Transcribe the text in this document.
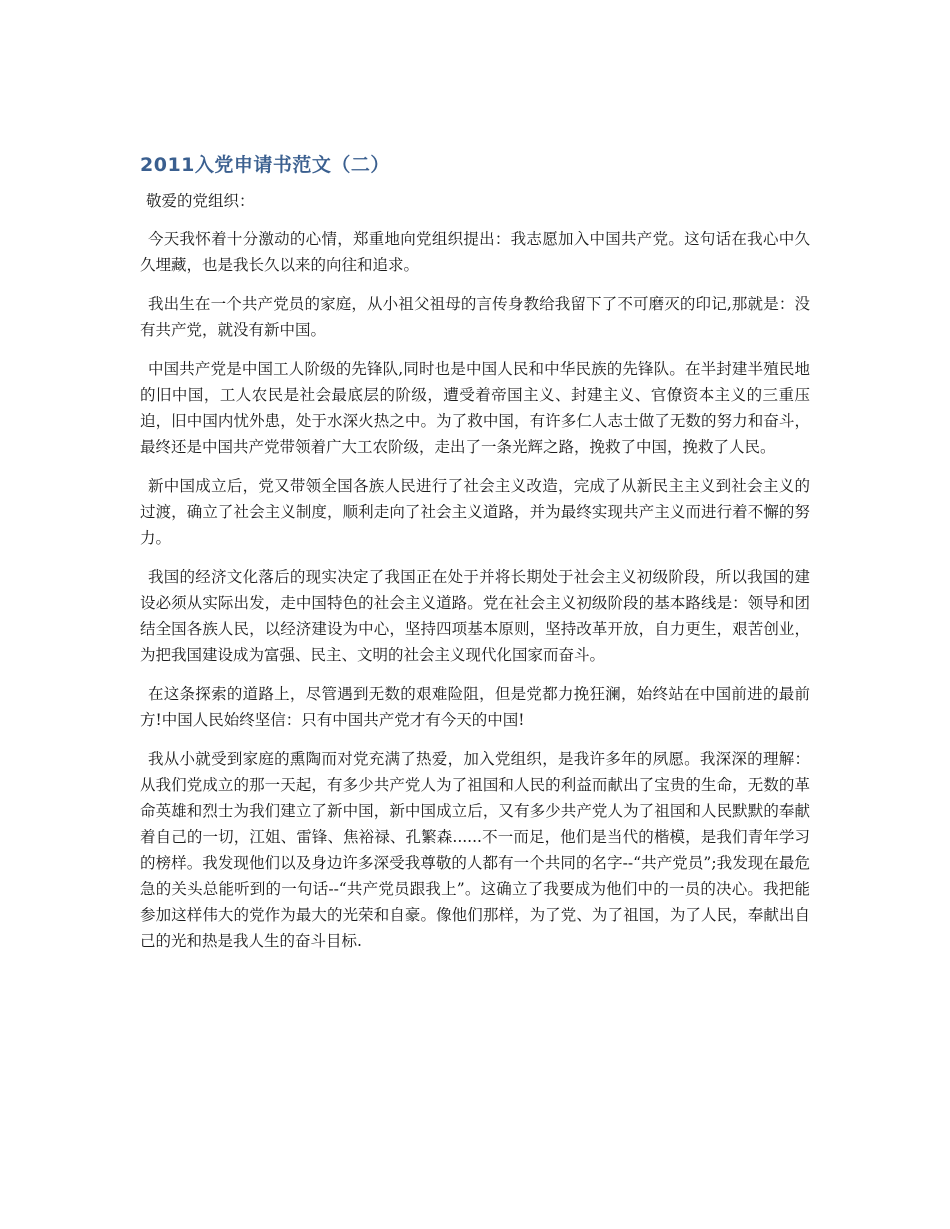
2011入党申请书范文（二）

敬爱的党组织：

今天我怀着十分激动的心情，郑重地向党组织提出：我志愿加入中国共产党。这句话在我心中久久埋藏，也是我长久以来的向往和追求。

我出生在一个共产党员的家庭，从小祖父祖母的言传身教给我留下了不可磨灭的印记,那就是：没有共产党，就没有新中国。

中国共产党是中国工人阶级的先锋队,同时也是中国人民和中华民族的先锋队。在半封建半殖民地的旧中国，工人农民是社会最底层的阶级，遭受着帝国主义、封建主义、官僚资本主义的三重压迫，旧中国内忧外患，处于水深火热之中。为了救中国，有许多仁人志士做了无数的努力和奋斗，最终还是中国共产党带领着广大工农阶级，走出了一条光辉之路，挽救了中国，挽救了人民。

新中国成立后，党又带领全国各族人民进行了社会主义改造，完成了从新民主主义到社会主义的过渡，确立了社会主义制度，顺利走向了社会主义道路，并为最终实现共产主义而进行着不懈的努力。

我国的经济文化落后的现实决定了我国正在处于并将长期处于社会主义初级阶段，所以我国的建设必须从实际出发，走中国特色的社会主义道路。党在社会主义初级阶段的基本路线是：领导和团结全国各族人民，以经济建设为中心，坚持四项基本原则，坚持改革开放，自力更生，艰苦创业，为把我国建设成为富强、民主、文明的社会主义现代化国家而奋斗。

在这条探索的道路上，尽管遇到无数的艰难险阻，但是党都力挽狂澜，始终站在中国前进的最前方!中国人民始终坚信：只有中国共产党才有今天的中国!

我从小就受到家庭的熏陶而对党充满了热爱，加入党组织，是我许多年的夙愿。我深深的理解：从我们党成立的那一天起，有多少共产党人为了祖国和人民的利益而献出了宝贵的生命，无数的革命英雄和烈士为我们建立了新中国，新中国成立后，又有多少共产党人为了祖国和人民默默的奉献着自己的一切，江姐、雷锋、焦裕禄、孔繁森......不一而足，他们是当代的楷模，是我们青年学习的榜样。我发现他们以及身边许多深受我尊敬的人都有一个共同的名字--“共产党员”;我发现在最危急的关头总能听到的一句话--“共产党员跟我上”。这确立了我要成为他们中的一员的决心。我把能参加这样伟大的党作为最大的光荣和自豪。像他们那样，为了党、为了祖国，为了人民，奉献出自己的光和热是我人生的奋斗目标.
